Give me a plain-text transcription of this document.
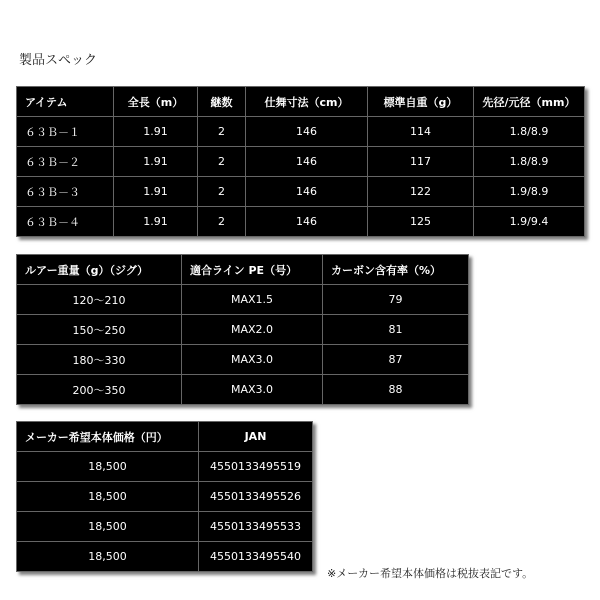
製品スペック
アイテム	全長（m）	継数	仕舞寸法（cm）	標準自重（g）	先径/元径（mm）
６３Ｂ－１	1.91	2	146	114	1.8/8.9
６３Ｂ－２	1.91	2	146	117	1.8/8.9
６３Ｂ－３	1.91	2	146	122	1.9/8.9
６３Ｂ－４	1.91	2	146	125	1.9/9.4
ルアー重量（g）（ジグ）	適合ライン PE（号）	カーボン含有率（%）
120～210	MAX1.5	79
150～250	MAX2.0	81
180～330	MAX3.0	87
200～350	MAX3.0	88
メーカー希望本体価格（円）	JAN
18,500	4550133495519
18,500	4550133495526
18,500	4550133495533
18,500	4550133495540
※メーカー希望本体価格は税抜表記です。
